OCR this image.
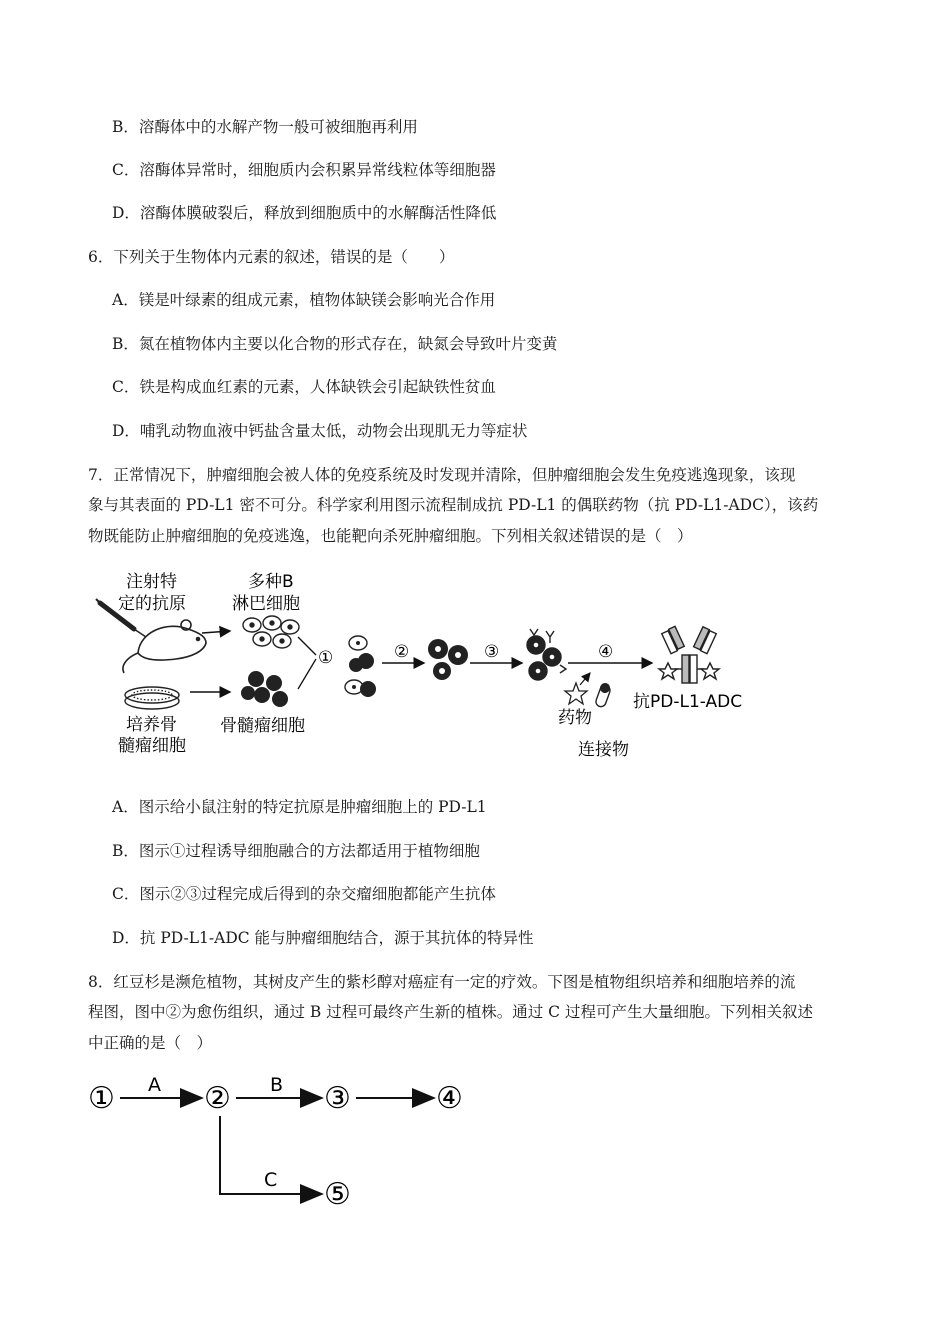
B．溶酶体中的水解产物一般可被细胞再利用
C．溶酶体异常时，细胞质内会积累异常线粒体等细胞器
D．溶酶体膜破裂后，释放到细胞质中的水解酶活性降低
6．下列关于生物体内元素的叙述，错误的是（　　）
A．镁是叶绿素的组成元素，植物体缺镁会影响光合作用
B．氮在植物体内主要以化合物的形式存在，缺氮会导致叶片变黄
C．铁是构成血红素的元素，人体缺铁会引起缺铁性贫血
D．哺乳动物血液中钙盐含量太低，动物会出现肌无力等症状
7．正常情况下，肿瘤细胞会被人体的免疫系统及时发现并清除，但肿瘤细胞会发生免疫逃逸现象，该现
象与其表面的 PD-L1 密不可分。科学家利用图示流程制成抗 PD-L1 的偶联药物（抗 PD-L1-ADC），该药
物既能防止肿瘤细胞的免疫逃逸，也能靶向杀死肿瘤细胞。下列相关叙述错误的是（　）
注射特
定的抗原
多种B
淋巴细胞
培养骨
髓瘤细胞
骨髓瘤细胞
①	②	③	④
药物
抗PD-L1-ADC
连接物
A．图示给小鼠注射的特定抗原是肿瘤细胞上的 PD-L1
B．图示①过程诱导细胞融合的方法都适用于植物细胞
C．图示②③过程完成后得到的杂交瘤细胞都能产生抗体
D．抗 PD-L1-ADC 能与肿瘤细胞结合，源于其抗体的特异性
8．红豆杉是濒危植物，其树皮产生的紫杉醇对癌症有一定的疗效。下图是植物组织培养和细胞培养的流
程图，图中②为愈伤组织，通过 B 过程可最终产生新的植株。通过 C 过程可产生大量细胞。下列相关叙述
中正确的是（　）
①	②	③	④
⑤
A	B
C
